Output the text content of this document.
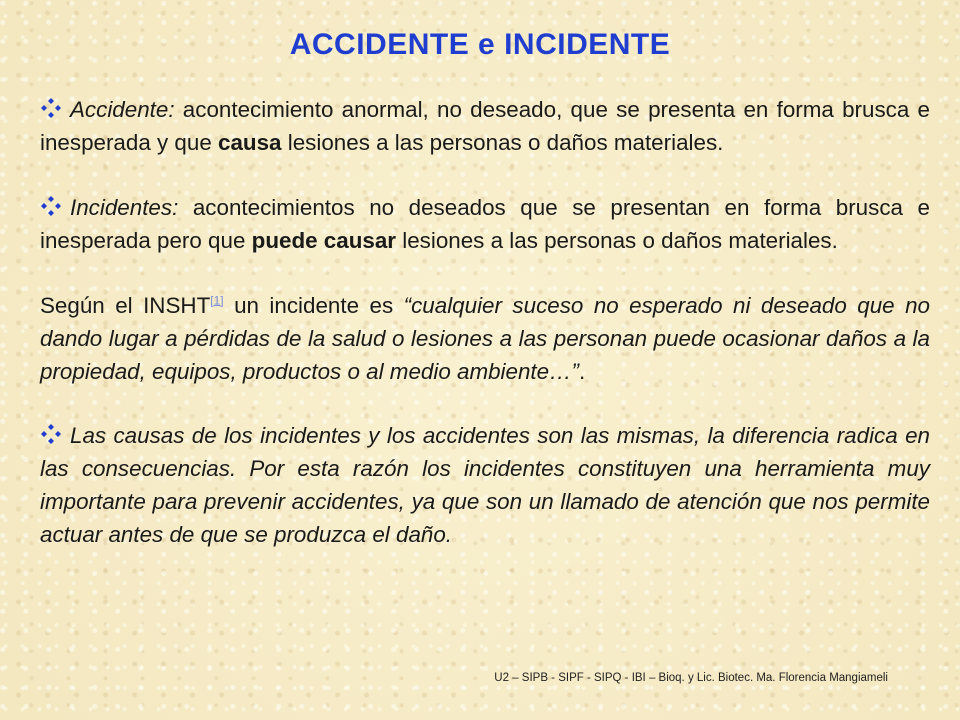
ACCIDENTE e INCIDENTE

Accidente: acontecimiento anormal, no deseado, que se presenta en forma brusca e inesperada y que causa lesiones a las personas o daños materiales.

Incidentes: acontecimientos no deseados que se presentan en forma brusca e inesperada pero que puede causar lesiones a las personas o daños materiales.

Según el INSHT[1] un incidente es “cualquier suceso no esperado ni deseado que no dando lugar a pérdidas de la salud o lesiones a las personan puede ocasionar daños a la propiedad, equipos, productos o al medio ambiente…”.

Las causas de los incidentes y los accidentes son las mismas, la diferencia radica en las consecuencias. Por esta razón los incidentes constituyen una herramienta muy importante para prevenir accidentes, ya que son un llamado de atención que nos permite actuar antes de que se produzca el daño.

U2 – SIPB - SIPF - SIPQ - IBI – Bioq. y Lic. Biotec. Ma. Florencia Mangiameli
